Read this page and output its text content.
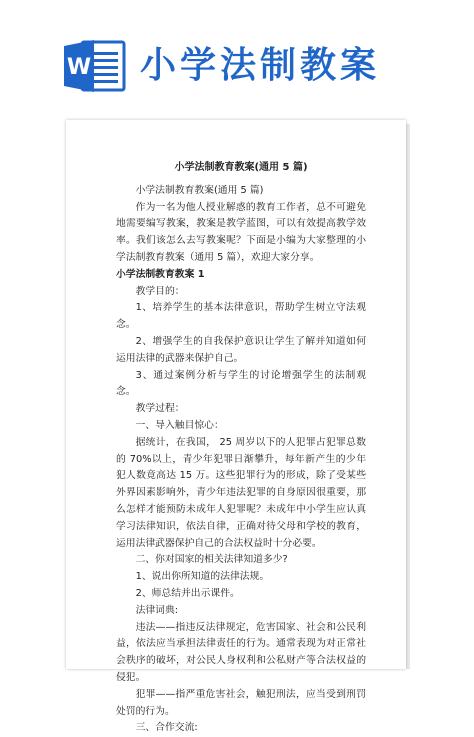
W 小学法制教案

小学法制教育教案(通用 5 篇)

小学法制教育教案(通用 5 篇)

作为一名为他人授业解惑的教育工作者，总不可避免地需要编写教案，教案是教学蓝图，可以有效提高教学效率。我们该怎么去写教案呢？下面是小编为大家整理的小学法制教育教案（通用 5 篇），欢迎大家分享。

小学法制教育教案 1

教学目的：

1、培养学生的基本法律意识，帮助学生树立守法观念。

2、增强学生的自我保护意识让学生了解并知道如何运用法律的武器来保护自己。

3、通过案例分析与学生的讨论增强学生的法制观念。

教学过程：

一、导入触目惊心：

据统计，在我国， 25 周岁以下的人犯罪占犯罪总数的 70%以上，青少年犯罪日渐攀升，每年新产生的少年犯人数竟高达 15 万。这些犯罪行为的形成，除了受某些外界因素影响外，青少年违法犯罪的自身原因很重要，那么怎样才能预防未成年人犯罪呢？未成年中小学生应认真学习法律知识，依法自律，正确对待父母和学校的教育，运用法律武器保护自己的合法权益时十分必要。

二、你对国家的相关法律知道多少?

1、说出你所知道的法律法规。

2、师总结并出示课件。

法律词典:

违法——指违反法律规定，危害国家、社会和公民利益，依法应当承担法律责任的行为。通常表现为对正常社会秩序的破坏，对公民人身权利和公私财产等合法权益的侵犯。

犯罪——指严重危害社会，触犯刑法，应当受到刑罚处罚的行为。

三、合作交流:
